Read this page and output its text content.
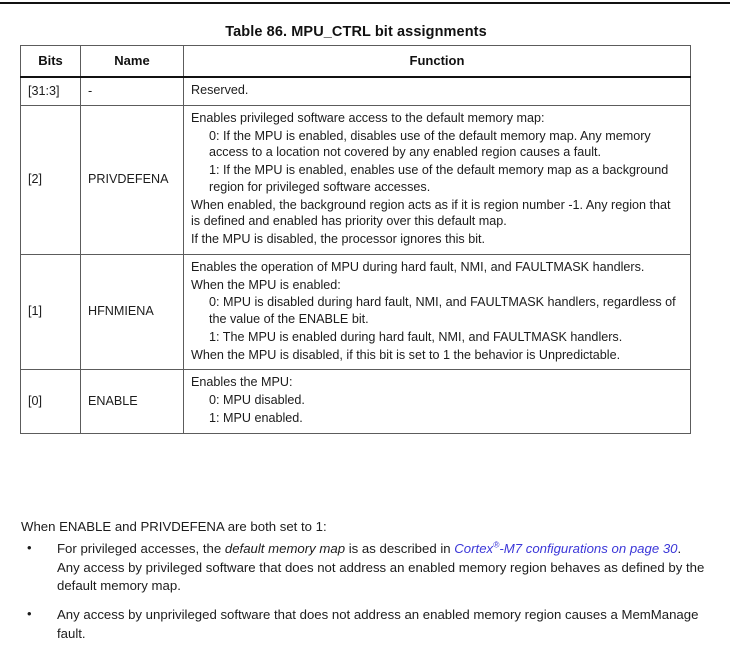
Table 86. MPU_CTRL bit assignments
Bits	Name	Function
[31:3]	-	Reserved.

[2]	PRIVDEFENA	Enables privileged software access to the default memory map:
0: If the MPU is enabled, disables use of the default memory map. Any memory access to a location not covered by any enabled region causes a fault.
1: If the MPU is enabled, enables use of the default memory map as a background region for privileged software accesses.
When enabled, the background region acts as if it is region number -1. Any region that is defined and enabled has priority over this default map.
If the MPU is disabled, the processor ignores this bit.

[1]	HFNMIENA	Enables the operation of MPU during hard fault, NMI, and FAULTMASK handlers.
When the MPU is enabled:
0: MPU is disabled during hard fault, NMI, and FAULTMASK handlers, regardless of the value of the ENABLE bit.
1: The MPU is enabled during hard fault, NMI, and FAULTMASK handlers.
When the MPU is disabled, if this bit is set to 1 the behavior is Unpredictable.

[0]	ENABLE	Enables the MPU:
0: MPU disabled.
1: MPU enabled.
When ENABLE and PRIVDEFENA are both set to 1:
• For privileged accesses, the default memory map is as described in Cortex®-M7 configurations on page 30. Any access by privileged software that does not address an enabled memory region behaves as defined by the default memory map.
• Any access by unprivileged software that does not address an enabled memory region causes a MemManage fault.
